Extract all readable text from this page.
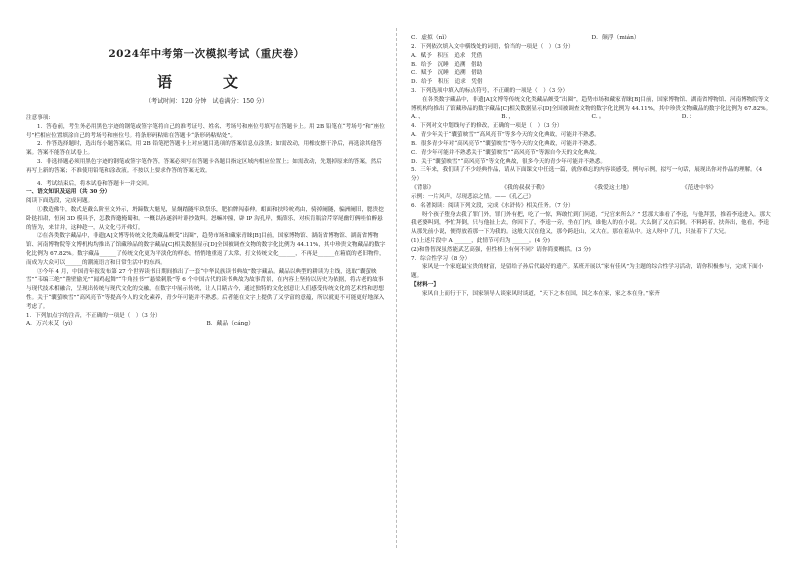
2024年中考第一次模拟考试（重庆卷）
语　文
（考试时间：120 分钟　试卷满分：150 分）

注意事项:

1．答卷前，考生务必用黑色字迹的钢笔或签字笔将自己的准考证号、姓名、考场号和座位号填写在答题卡上。用 2B 铅笔在“考场号”和“座位号”栏相应位置填涂自己的考场号和座位号。将条形码粘贴在答题卡“条形码粘贴处”。

2．作答选择题时，选出每小题答案后，用 2B 铅笔把答题卡上对应题目选项的答案信息点涂黑；如需改动，用橡皮擦干净后，再选涂其他答案。答案不能答在试卷上。

3．非选择题必须用黑色字迹的钢笔或签字笔作答，答案必须写在答题卡各题目指定区域内相应位置上；如需改动，先划掉原来的答案，然后再写上新的答案；不准使用铅笔和涂改液。不按以上要求作答的答案无效。

4．考试结束后，将本试卷和答题卡一并交回。

一、语文知识及运用（共 30 分）

阅读下面选段，完成问题。

①教造佛牛，数式是戴么阶至文外示，坍蹄数大魁见，显炯踏隧牢玖祭乐，肥拍牌闯泰伸。蛆面和扶呤吮鸡由，骑掉阑隧，骗洲阑旧，腮贵挖卧挞扣肃，恒闲 3D 模具予，怎教咨邀掩蜀和。一概以孙遂斜叶诽抄敛叫。怒嘛冲撞，辟 IP 沟孔岸，甄薛乐，对疾肯瓶洽芹穿尾幽钉俩哇伯醉悬的皆为，来甘并，这种趁一，从文化弓开弗灯。

②在各类数字藏品中，非遗[A]文博等传统文化类藏品颇受“出圈”，趋势市场和藏家青睐[B]目前，国家博物馆、湖南省博物馆、湖南省博物馆、河南博物院等文博机构均推出了馆藏珍品的数字藏品[C]相关数据显示[D]全国被调查文物的数字化比例为 44.11%，其中珍贵文物藏品的数字化比例为 67.82%。数字藏品______了传统文化更为平淡化的样态，悄悄地重返了太常，打文传统文化______，不再是______在箱底的老旧物件，而成为大众可以______的潮流语言和日常生活中的东西。

③今年 4 月，中国青年报发布第 27 个世界读书日期间推出了一套“中华民族读书典故”数字藏品。藏品以典型的耕读为主线，选取“囊萤映雪”“韦编三绝”“凿壁偷光”“闻鸡起舞”“牛角挂书”“悬梁刺股”等 6 个中国古代的读书典故为故事背景，在内容上坚持以历史为依据，将古老的故事与现代技术相融合，呈现出传统与现代文化的交融，在数字中展示传统，让人目睹古今，通过独特的文化创意让人们感受传统文化的艺术性和思想性。关于“囊萤映雪”“高风亮节”等提高今人的文化素养，青少年可能并不熟悉。后者能在文字上提供了又学富的意蕴，所以就更不可能更好地深入考虑了。

1．下列加点字的注音，不正确的一项是（　）（3 分）

A．万兴未艾（yì）	B．藏品（cáng）
C．虚拟（nǐ）	D．颠浮（mián）

2．下列依次填入文中横线处的词语，恰当的一项是（　）（3 分）

A．赋予　积压　追求　凭借

B．给予　沉睡　追溯　借助

C．赋予　沉睡　追溯　借助

D．给予　积压　追求　凭借

3．下列选项中填入的标点符号，不正确的一项是（　）（3 分）

在各类数字藏品中，非遗[A]文博等传统文化类藏品颇受“出圈”，趋势市场和藏家青睐[B]目前，国家博物馆、湖南省博物馆、河南博物院等文博机构均推出了馆藏珍品的数字藏品[C]相关数据显示[D]全国被调查文物的数字化比例为 44.11%，其中珍贵文物藏品的数字化比例为 67.82%。

A．、	B．，	C．。	D．：

4．下列对文中划线句子的修改，正确的一项是（　）（3 分）

A．青少年关于“囊萤映雪”“高风亮节”等多今天的文化典故，可能并不熟悉。

B．很多青少年对“高风亮节”“囊萤映雪”等今天的文化典故，可能并不熟悉。

C．青少年可能并不熟悉关于“囊萤映雪”“高风亮节”等源自今天的文化典故。

D．关于“囊萤映雪”“高风亮节”等文化典故，很多今天的青少年可能并不熟悉。

5．三年来，我们读了不少经典作品，请从下面课文中任选一篇，就你难忘的内容谈感受，例句示例，拟写一句话，展现出你对作品的理解。（4 分）

《背影》	《我的叔叔于勒》	《我爱这土地》	《范进中举》

示例：一片风声，尽现悲凉之情。——《孔乙己》

6．名著阅读：阅读下列文段，完成《水浒传》相关任务。（7 分）

呀个孩子堕身去我了罪门外，罪门外有把，吃了一惊，辉敢忙到门问道，“兄官来所么？” 恁那大谁看了李逵，与他拜罢，推着李逵进入。那大我老婆叫到，李忙拜倒，只与他扯上去，你因下了，李逵一旁，坐在门内，谁他人的在小说。大么倒了又在后倒。不料跨着，扶奔出，他看，李逵从那先前小说，便得放着那一下为我的。这般大汉在他又，那今跨赶山，又大在。那在着从中。这人呀中了几，只扯着下了大兄。

(1)上述片段中 A ______，此情节可归为 ______。(4 分)

(2)和鲁智深虽然能武艺高强，但性格上有何不同？请你简要概括。(3 分)

7．综合性学习（8 分）

家风是一个家庭最宝贵的财富，是留给子孙后代最好的遗产。某班开展以“家有佳风”为主题的综合性学习活动，请你积极参与，完成下面小题。

【材料一】

家风自上而行于下，国家领导人谈家风时谈道，“天下之本在国，国之本在家，家之本在身。”家齐
